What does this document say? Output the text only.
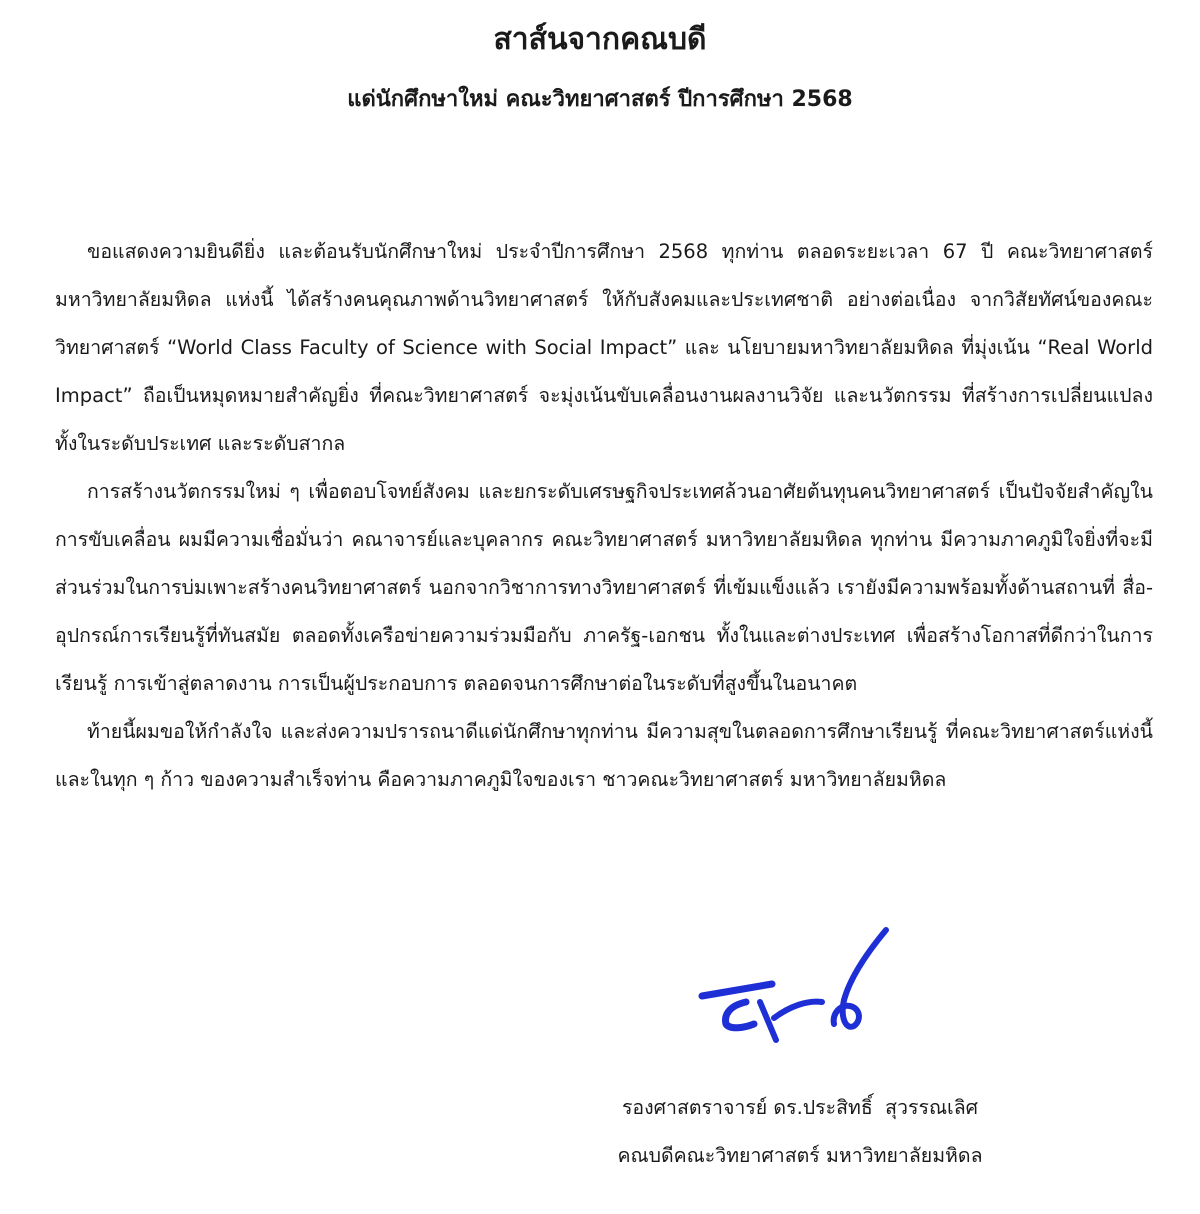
สาส์นจากคณบดี
แด่นักศึกษาใหม่ คณะวิทยาศาสตร์ ปีการศึกษา 2568

ขอแสดงความยินดียิ่ง และต้อนรับนักศึกษาใหม่ ประจำปีการศึกษา 2568 ทุกท่าน ตลอดระยะเวลา 67 ปี คณะวิทยาศาสตร์ มหาวิทยาลัยมหิดล แห่งนี้ ได้สร้างคนคุณภาพด้านวิทยาศาสตร์ ให้กับสังคมและประเทศชาติ อย่างต่อเนื่อง จากวิสัยทัศน์ของคณะวิทยาศาสตร์ “World Class Faculty of Science with Social Impact” และ นโยบายมหาวิทยาลัยมหิดล ที่มุ่งเน้น “Real World Impact” ถือเป็นหมุดหมายสำคัญยิ่ง ที่คณะวิทยาศาสตร์ จะมุ่งเน้นขับเคลื่อนงานผลงานวิจัย และนวัตกรรม ที่สร้างการเปลี่ยนแปลงทั้งในระดับประเทศ และระดับสากล

การสร้างนวัตกรรมใหม่ ๆ เพื่อตอบโจทย์สังคม และยกระดับเศรษฐกิจประเทศล้วนอาศัยต้นทุนคนวิทยาศาสตร์ เป็นปัจจัยสำคัญในการขับเคลื่อน ผมมีความเชื่อมั่นว่า คณาจารย์และบุคลากร คณะวิทยาศาสตร์ มหาวิทยาลัยมหิดล ทุกท่าน มีความภาคภูมิใจยิ่งที่จะมีส่วนร่วมในการบ่มเพาะสร้างคนวิทยาศาสตร์ นอกจากวิชาการทางวิทยาศาสตร์ ที่เข้มแข็งแล้ว เรายังมีความพร้อมทั้งด้านสถานที่ สื่อ-อุปกรณ์การเรียนรู้ที่ทันสมัย ตลอดทั้งเครือข่ายความร่วมมือกับ ภาครัฐ-เอกชน ทั้งในและต่างประเทศ เพื่อสร้างโอกาสที่ดีกว่าในการเรียนรู้ การเข้าสู่ตลาดงาน การเป็นผู้ประกอบการ ตลอดจนการศึกษาต่อในระดับที่สูงขึ้นในอนาคต

ท้ายนี้ผมขอให้กำลังใจ และส่งความปรารถนาดีแด่นักศึกษาทุกท่าน มีความสุขในตลอดการศึกษาเรียนรู้ ที่คณะวิทยาศาสตร์แห่งนี้ และในทุก ๆ ก้าว ของความสำเร็จท่าน คือความภาคภูมิใจของเรา ชาวคณะวิทยาศาสตร์ มหาวิทยาลัยมหิดล

รองศาสตราจารย์ ดร.ประสิทธิ์  สุวรรณเลิศ
คณบดีคณะวิทยาศาสตร์ มหาวิทยาลัยมหิดล
